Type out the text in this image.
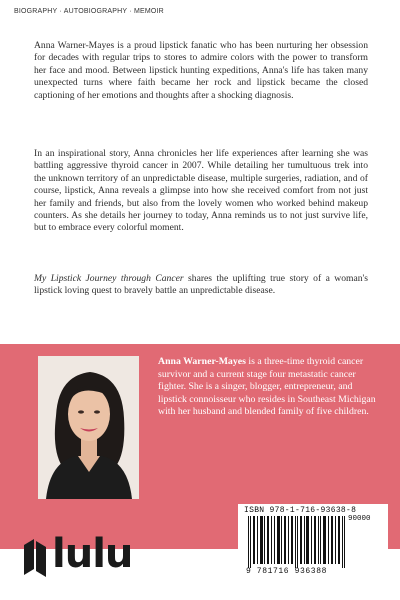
BIOGRAPHY · AUTOBIOGRAPHY · MEMOIR

Anna Warner-Mayes is a proud lipstick fanatic who has been nurturing her obsession for decades with regular trips to stores to admire colors with the power to transform her face and mood. Between lipstick hunting expeditions, Anna's life has taken many unexpected turns where faith became her rock and lipstick became the closed captioning of her emotions and thoughts after a shocking diagnosis.

In an inspirational story, Anna chronicles her life experiences after learning she was battling aggressive thyroid cancer in 2007. While detailing her tumultuous trek into the unknown territory of an unpredictable disease, multiple surgeries, radiation, and of course, lipstick, Anna reveals a glimpse into how she received comfort from not just her family and friends, but also from the lovely women who worked behind makeup counters. As she details her journey to today, Anna reminds us to not just survive life, but to embrace every colorful moment.

My Lipstick Journey through Cancer shares the uplifting true story of a woman's lipstick loving quest to bravely battle an unpredictable disease.

Anna Warner-Mayes is a three-time thyroid cancer survivor and a current stage four metastatic cancer fighter. She is a singer, blogger, entrepreneur, and lipstick connoisseur who resides in Southeast Michigan with her husband and blended family of five children.

ISBN 978-1-716-93638-8
90000
9 781716 936388
lulu
